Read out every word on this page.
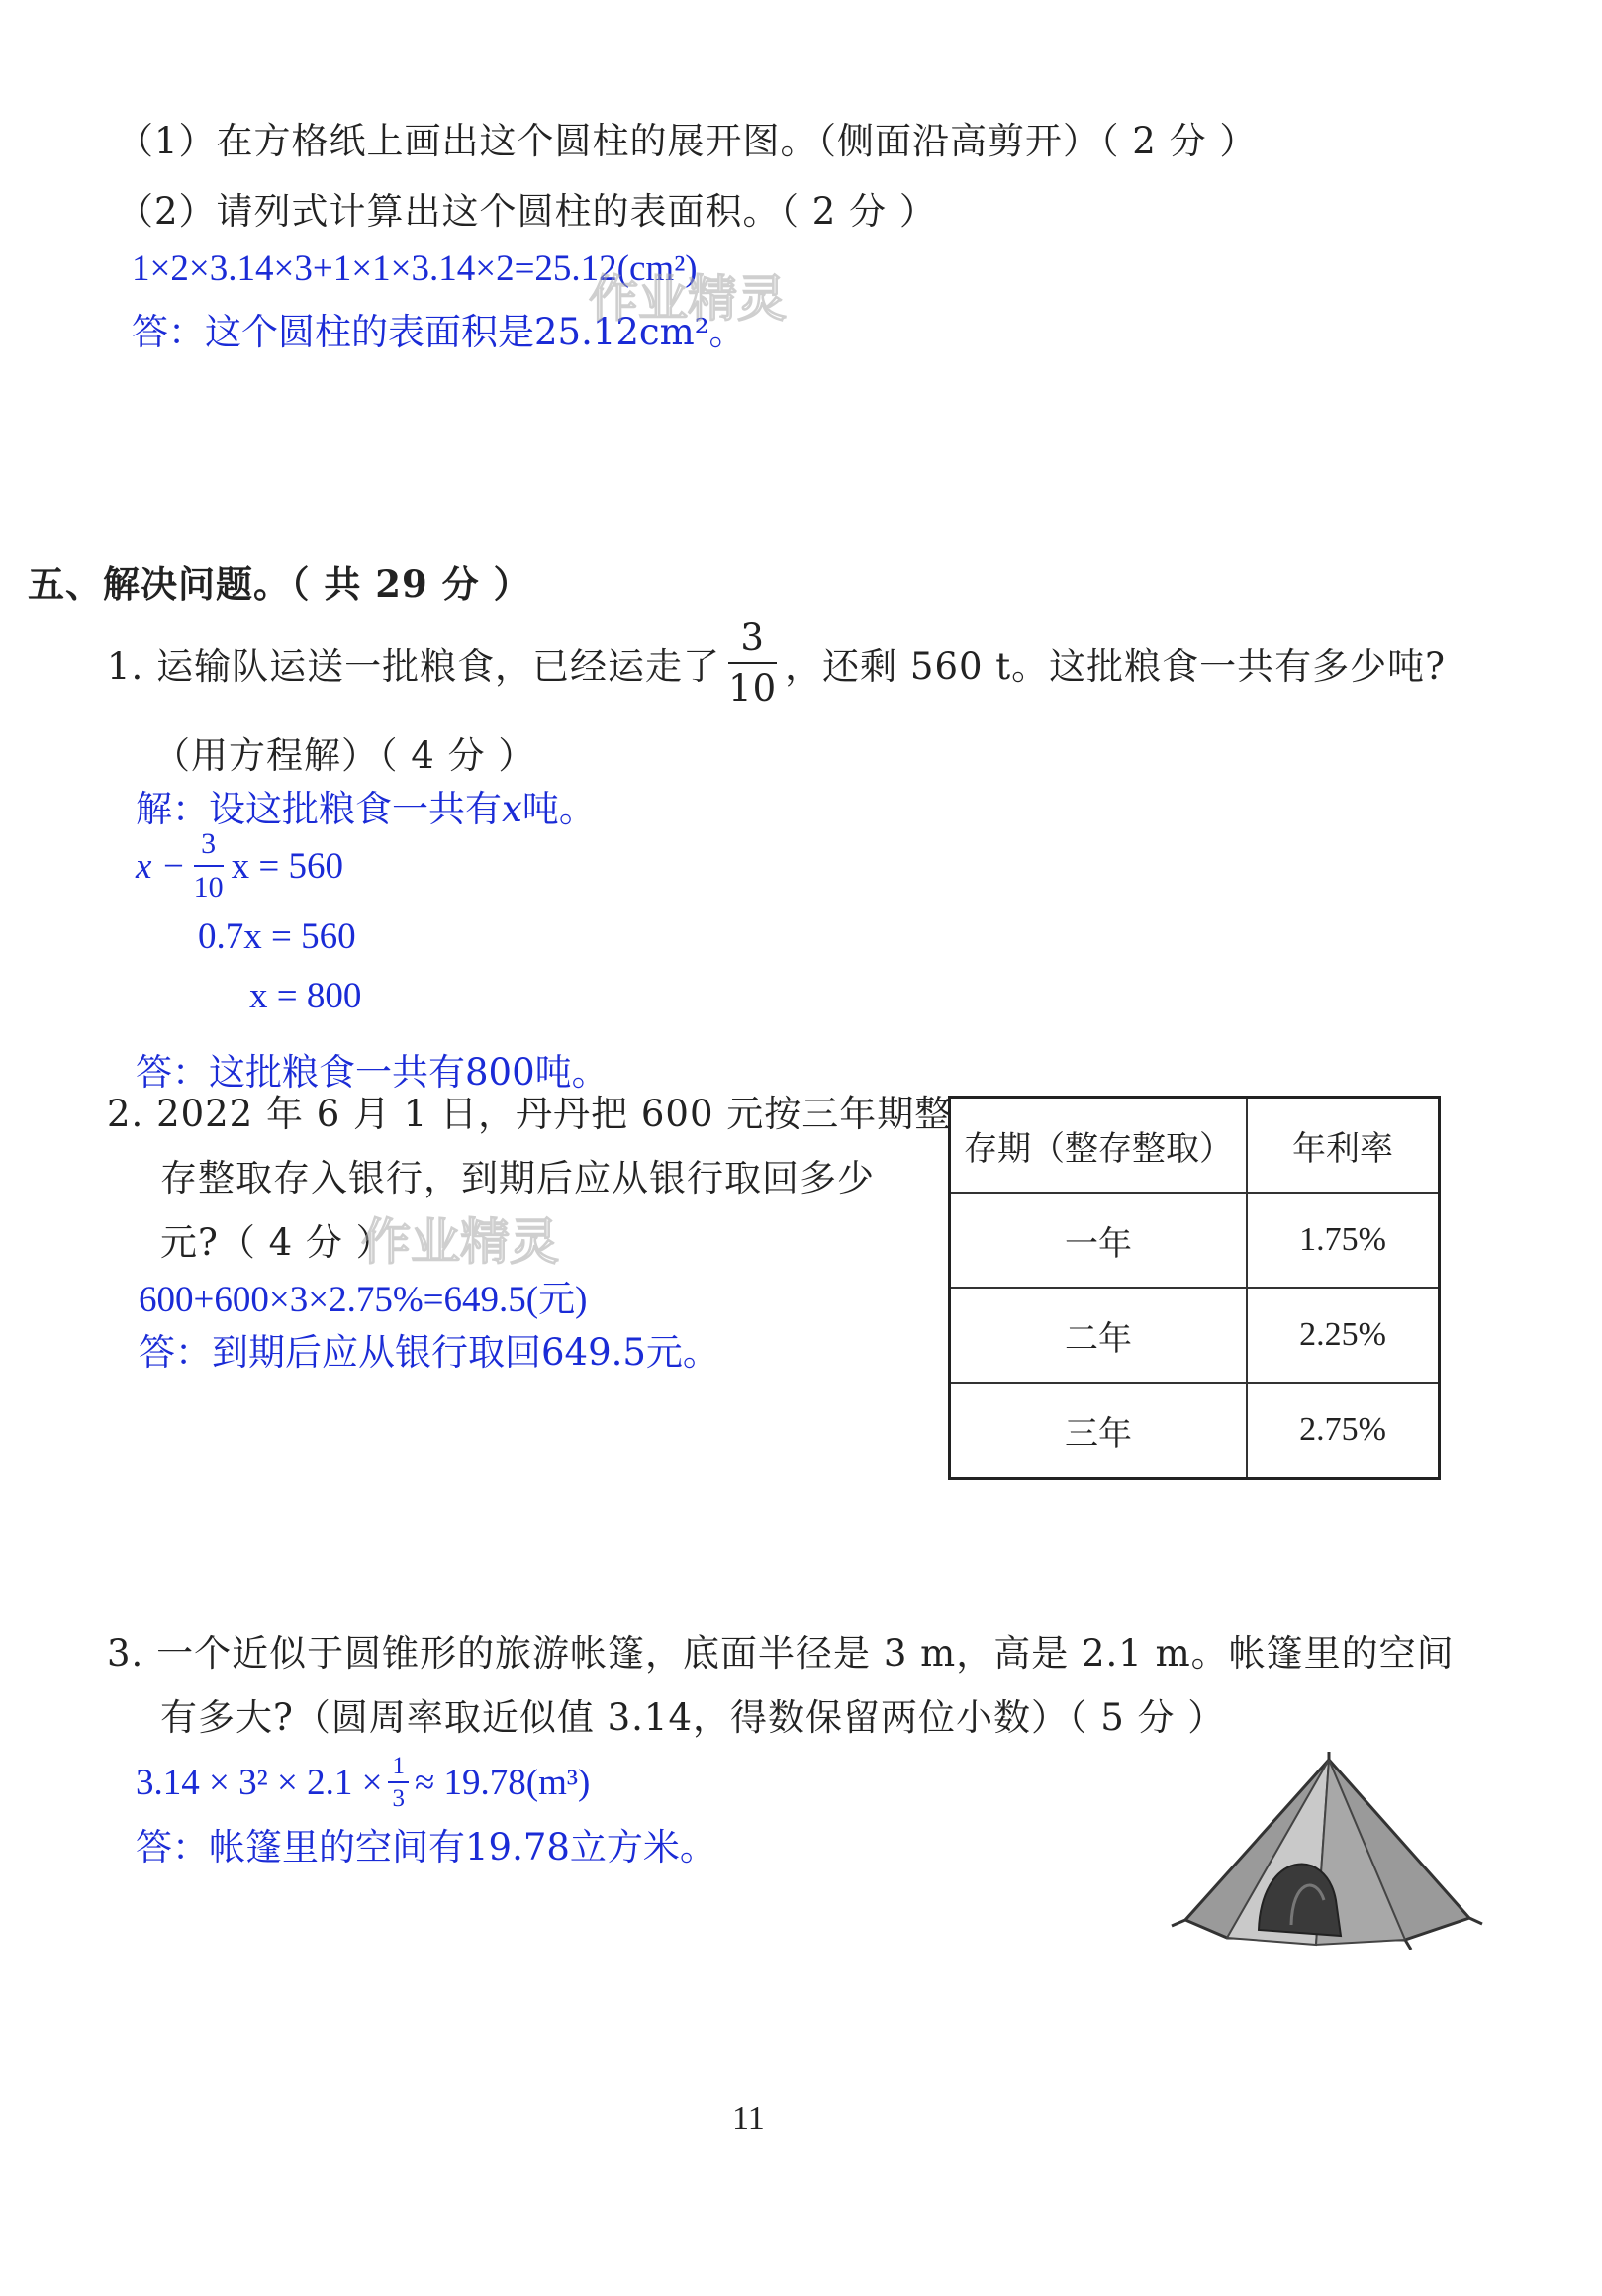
（1）在方格纸上画出这个圆柱的展开图。（侧面沿高剪开）（ 2 分 ）
（2）请列式计算出这个圆柱的表面积。（ 2 分 ）
1×2×3.14×3+1×1×3.14×2=25.12(cm²)
答：这个圆柱的表面积是25.12cm²。
作业精灵
五、解决问题。（ 共 29 分 ）
1. 运输队运送一批粮食，已经运走了 $\frac{3}{10}$ ，还剩 560 t。这批粮食一共有多少吨?
（用方程解）（ 4 分 ）
解：设这批粮食一共有x吨。
$x - \frac{3}{10}$ x = 560
0.7x = 560
x = 800
答：这批粮食一共有800吨。
2. 2022 年 6 月 1 日，丹丹把 600 元按三年期整
存整取存入银行，到期后应从银行取回多少
元?（ 4 分 ）
作业精灵
600+600×3×2.75%=649.5(元)
答：到期后应从银行取回649.5元。
存期（整存整取）	年利率
一年	1.75%
二年	2.25%
三年	2.75%
3. 一个近似于圆锥形的旅游帐篷，底面半径是 3 m，高是 2.1 m。帐篷里的空间
有多大?（圆周率取近似值 3.14，得数保留两位小数）（ 5 分 ）
$3.14 \times 3^2 \times 2.1 \times \frac{1}{3} \approx 19.78(m^3)$
答：帐篷里的空间有19.78立方米。
11
